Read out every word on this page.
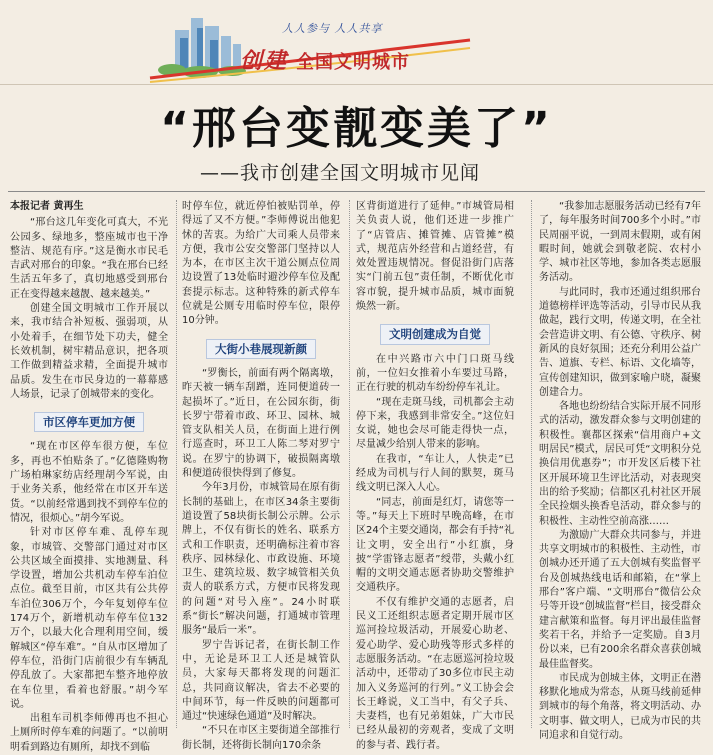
人人参与 人人共享
创建 全国文明城市
“邢台变靓变美了”
——我市创建全国文明城市见闻

本报记者 黄再生

“邢台这几年变化可真大，不光公园多、绿地多，整座城市也干净整洁、规范有序。”这是衡水市民毛吉武对邢台的印象。“我在邢台已经生活五年多了，真切地感受到邢台正在变得越来越靓、越来越美。”

创建全国文明城市工作开展以来，我市结合补短板、强弱项，从小处着手，在细节处下功夫，健全长效机制，树牢精品意识，把各项工作做到精益求精，全面提升城市品质。发生在市民身边的一幕幕感人场景，记录了创城带来的变化。

市区停车更加方便

“现在市区停车很方便，车位多，再也不怕贴条了。”亿德隆购物广场柏琳家纺店经理胡今军说，由于业务关系，他经常在市区开车送货。“以前经常遇到找不到停车位的情况，很烦心。”胡今军说。

针对市区停车难、乱停车现象，市城管、交警部门通过对市区公共区域全面摸排、实地测量、科学设置，增加公共机动车停车泊位点位。截至目前，市区共有公共停车泊位306万个，今年复划停车位174万个，新增机动车停车位132万个，以最大化合理利用空间，缓解城区“停车难”。“自从市区增加了停车位，沿街门店前很少有车辆乱停乱放了。大家都把车整齐地停放在车位里，看着也舒服。”胡今军说。

出租车司机李师傅再也不担心上厕所时停车难的问题了。“以前明明看到路边有厕所，却找不到临

时停车位，就近停怕被贴罚单，停得远了又不方便。”李师傅说出他犯怵的苦衷。为给广大司乘人员带来方便，我市公安交警部门坚持以人为本，在市区主次干道公厕点位周边设置了13处临时避沙停车位及配套提示标志。这种特殊的新式停车位就是公厕专用临时停车位，限停10分钟。

大街小巷展现新颜

“罗衡长，前面有两个隔离墩，昨天被一辆车刮蹭，连同便道砖一起损坏了。”近日，在公园东街，街长罗宁带着市政、环卫、园林、城管支队相关人员，在街面上进行例行巡查时，环卫工人陈二琴对罗宁说。在罗宁的协调下，破损隔离墩和便道砖很快得到了修复。

今年3月份，市城管局在原有街长制的基础上，在市区34条主要街道设置了58块街长制公示牌。公示牌上，不仅有街长的姓名、联系方式和工作职责，还明确标注着市容秩序、园林绿化、市政设施、环境卫生、建筑垃圾、数字城管相关负责人的联系方式，方便市民将发现的问题“对号入座”。24小时联系“街长”解决问题，打通城市管理服务“最后一米”。

罗宁告诉记者，在街长制工作中，无论是环卫工人还是城管队员，大家每天都将发现的问题汇总，共同商议解决，省去不必要的中间环节，每一件反映的问题都可通过“快速绿色通道”及时解决。

“不只在市区主要街道全部推行街长制，还将街长制向170余条

区背街道进行了延伸。”市城管局相关负责人说，他们还进一步推广了“店管店、摊管摊、店管摊”模式，规范店外经营和占道经营，有效处置违规情况。督促沿街门店落实“门前五包”责任制，不断优化市容市貌，提升城市品质，城市面貌焕然一新。

文明创建成为自觉

在中兴路市六中门口斑马线前，一位妇女推着小车要过马路，正在行驶的机动车纷纷停车礼让。

“现在走斑马线，司机都会主动停下来，我感到非常安全。”这位妇女说，她也会尽可能走得快一点，尽量减少给别人带来的影响。

在我市，“车让人，人快走”已经成为司机与行人间的默契，斑马线文明已深入人心。

“同志，前面是红灯，请您等一等。”每天上下班时早晚高峰，在市区24个主要交通岗，都会有手持“礼让文明，安全出行”小红旗，身披“学雷锋志愿者”绶带，头戴小红帽的文明交通志愿者协助交警维护交通秩序。

不仅有维护交通的志愿者，启民义工还组织志愿者定期开展市区巡河捡垃圾活动，开展爱心助老、爱心助学、爱心助残等形式多样的志愿服务活动。“在志愿巡河捡垃圾活动中，还带动了30多位市民主动加入义务巡河的行列。”义工协会会长王峰说，义工当中，有父子兵、夫妻档，也有兄弟姐妹，广大市民已经从最初的旁观者，变成了文明的参与者、践行者。

“我参加志愿服务活动已经有7年了，每年服务时间700多个小时。”市民周丽平说，一到周末假期，或有闲暇时间，她就会到敬老院、农村小学、城市社区等地，参加各类志愿服务活动。

与此同时，我市还通过组织邢台道德榜样评选等活动，引导市民从我做起，践行文明，传递文明，在全社会营造讲文明、有公德、守秩序、树新风的良好氛围；还充分利用公益广告、道旗、专栏、标语、文化墙等，宣传创建知识，做到家喻户晓，凝聚创建合力。

各地也纷纷结合实际开展不同形式的活动，激发群众参与文明创建的积极性。襄都区探索“信用商户+文明居民”模式，居民可凭“文明积分兑换信用优惠券”；市开发区后楼下社区开展环境卫生评比活动，对表现突出的给予奖励；信都区孔村社区开展全民捡烟头换香皂活动，群众参与的积极性、主动性空前高涨……

为激励广大群众共同参与，并进共享文明城市的积极性、主动性，市创城办还开通了五大创城有奖监督平台及创城热线电话和邮箱，在“掌上邢台”客户端、“文明邢台”微信公众号等开设“创城监督”栏目，接受群众建言献策和监督。每月评出最佳监督奖若干名，并给予一定奖励。自3月份以来，已有200余名群众喜获创城最佳监督奖。

市民成为创城主体，文明正在潜移默化地成为常态，从斑马线前延伸到城市的每个角落，将文明活动、办文明事、做文明人，已成为市民的共同追求和自觉行动。
